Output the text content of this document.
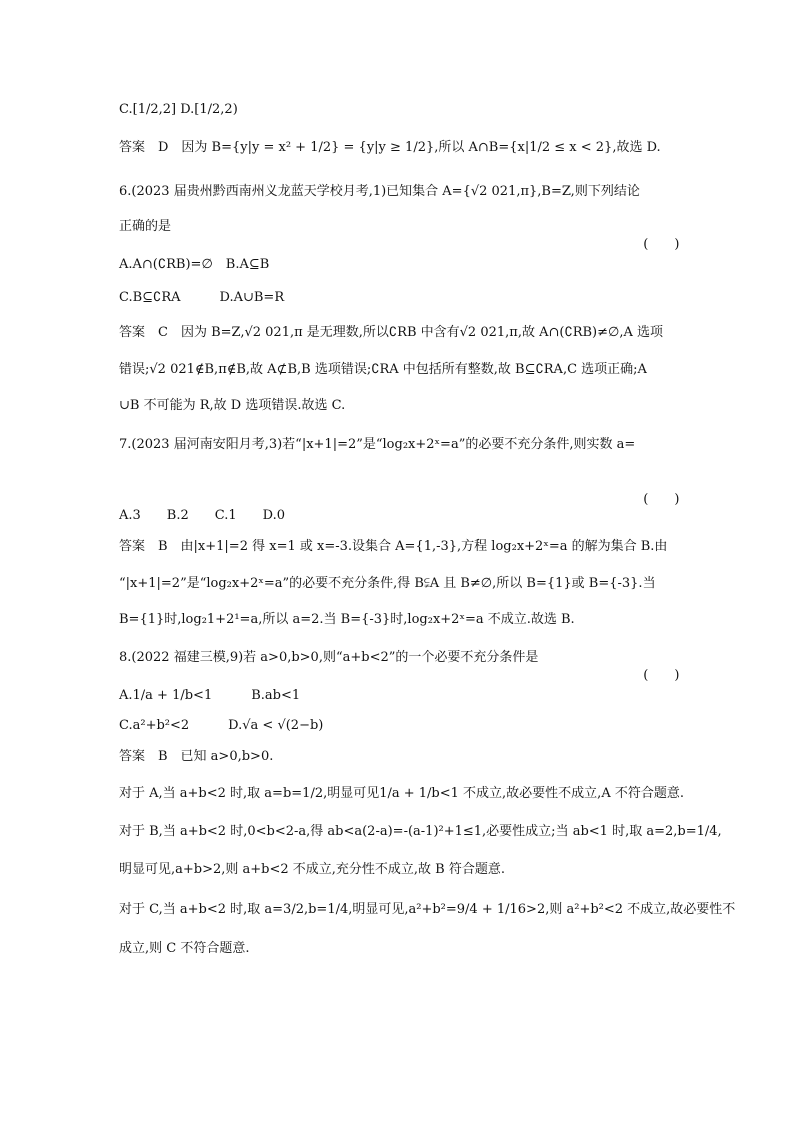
C.[1/2,2] D.[1/2,2)
答案　D　因为 B={y|y = x² + 1/2} = {y|y ≥ 1/2},所以 A∩B={x|1/2 ≤ x < 2},故选 D.
6.(2023 届贵州黔西南州义龙蓝天学校月考,1)已知集合 A={√2 021,π},B=Z,则下列结论
正确的是

(　　)

A.A∩(∁RB)=∅　B.A⊆B
C.B⊆∁RA　　　D.A∪B=R
答案　C　因为 B=Z,√2 021,π 是无理数,所以∁RB 中含有√2 021,π,故 A∩(∁RB)≠∅,A 选项
错误;√2 021∉B,π∉B,故 A⊄B,B 选项错误;∁RA 中包括所有整数,故 B⊆∁RA,C 选项正确;A
∪B 不可能为 R,故 D 选项错误.故选 C.
7.(2023 届河南安阳月考,3)若“|x+1|=2”是“log₂x+2ˣ=a”的必要不充分条件,则实数 a=

(　　)

A.3　　B.2　　C.1　　D.0
答案　B　由|x+1|=2 得 x=1 或 x=-3.设集合 A={1,-3},方程 log₂x+2ˣ=a 的解为集合 B.由
“|x+1|=2”是“log₂x+2ˣ=a”的必要不充分条件,得 B⫋A 且 B≠∅,所以 B={1}或 B={-3}.当
B={1}时,log₂1+2¹=a,所以 a=2.当 B={-3}时,log₂x+2ˣ=a 不成立.故选 B.
8.(2022 福建三模,9)若 a>0,b>0,则“a+b<2”的一个必要不充分条件是

(　　)

A.1/a + 1/b<1　　　B.ab<1
C.a²+b²<2　　　D.√a < √(2−b)
答案　B　已知 a>0,b>0.
对于 A,当 a+b<2 时,取 a=b=1/2,明显可见1/a + 1/b<1 不成立,故必要性不成立,A 不符合题意.
对于 B,当 a+b<2 时,0<b<2-a,得 ab<a(2-a)=-(a-1)²+1≤1,必要性成立;当 ab<1 时,取 a=2,b=1/4,
明显可见,a+b>2,则 a+b<2 不成立,充分性不成立,故 B 符合题意.
对于 C,当 a+b<2 时,取 a=3/2,b=1/4,明显可见,a²+b²=9/4 + 1/16>2,则 a²+b²<2 不成立,故必要性不
成立,则 C 不符合题意.
